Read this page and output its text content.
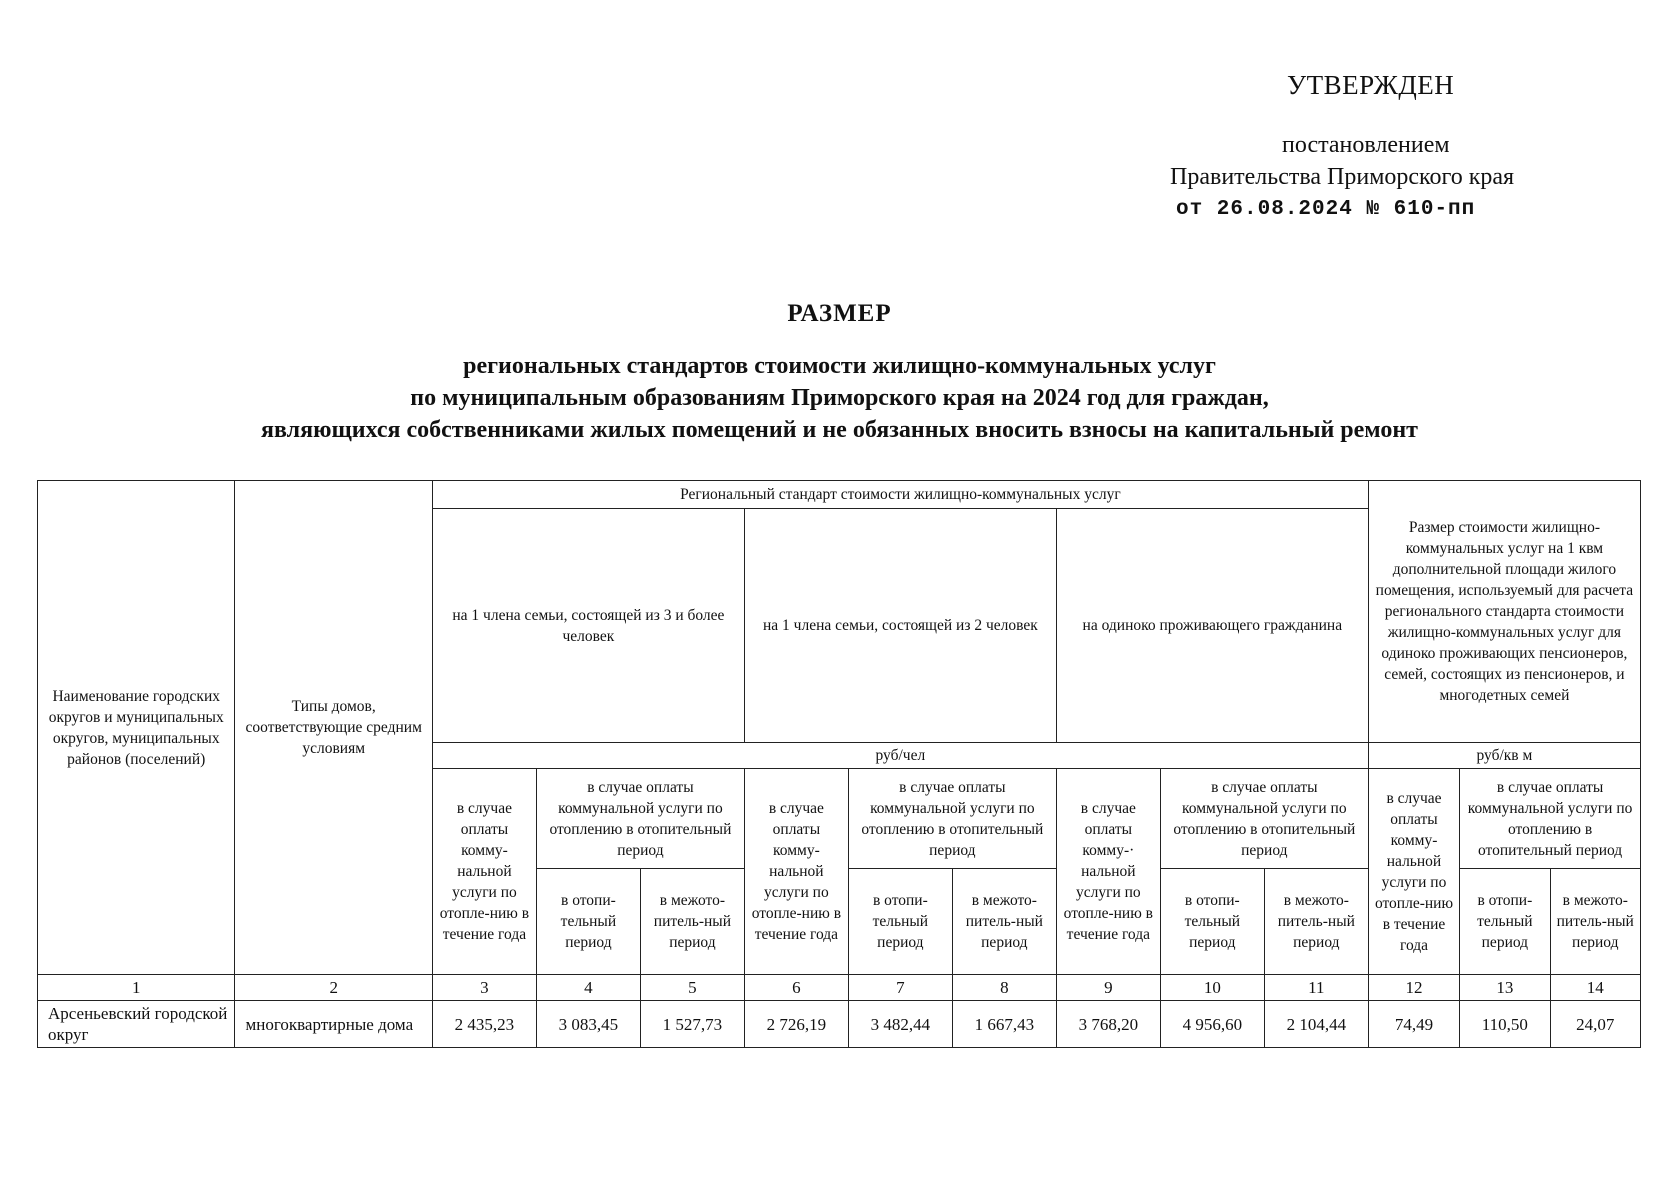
УТВЕРЖДЕН
постановлением
Правительства Приморского края
от 26.08.2024 № 610-пп
РАЗМЕР
региональных стандартов стоимости жилищно-коммунальных услуг
по муниципальным образованиям Приморского края на 2024 год для граждан,
являющихся собственниками жилых помещений и не обязанных вносить взносы на капитальный ремонт
Наименование городских округов и муниципальных округов, муниципальных районов (поселений)	Типы домов, соответствующие средним условиям	Региональный стандарт стоимости жилищно-коммунальных услуг									Размер стоимости жилищно-коммунальных услуг на 1 квм дополнительной площади жилого помещения, используемый для расчета регионального стандарта стоимости жилищно-коммунальных услуг для одиноко проживающих пенсионеров, семей, состоящих из пенсионеров, и многодетных семей		
		на 1 члена семьи, состоящей из 3 и более человек			на 1 члена семьи, состоящей из 2 человек			на одиноко проживающего гражданина					
		руб/чел									руб/кв м		
		в случае оплаты комму-нальной услуги по отопле-нию в течение года	в случае оплаты коммунальной услуги по отоплению в отопительный период		в случае оплаты комму-нальной услуги по отопле-нию в течение года	в случае оплаты коммунальной услуги по отоплению в отопительный период		в случае оплаты комму-· нальной услуги по отопле-нию в течение года	в случае оплаты коммунальной услуги по отоплению в отопительный период		в случае оплаты комму-нальной услуги по отопле-нию в течение года	в случае оплаты коммунальной услуги по отоплению в отопительный период	
			в отопи-тельный период	в межото-питель-ный период		в отопи-тельный период	в межото-питель-ный период		в отопи-тельный период	в межото-питель-ный период		в отопи-тельный период	в межото-питель-ный период
1	2	3	4	5	6	7	8	9	10	11	12	13	14
Арсеньевский городской округ	многоквартирные дома	2 435,23	3 083,45	1 527,73	2 726,19	3 482,44	1 667,43	3 768,20	4 956,60	2 104,44	74,49	110,50	24,07
